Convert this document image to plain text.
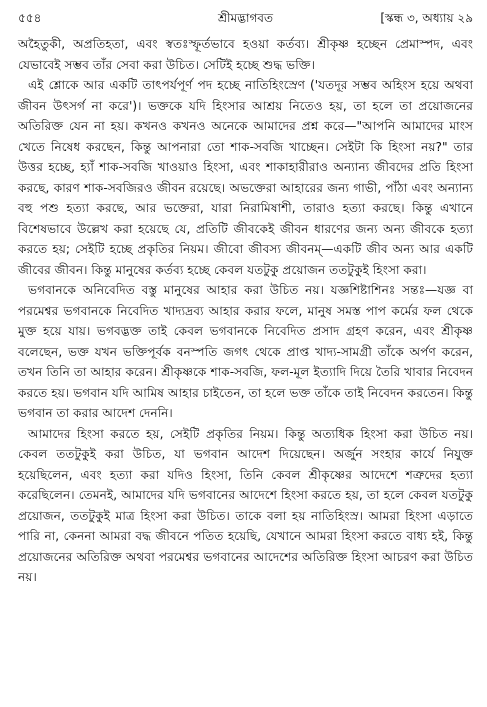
৫৫৪	শ্রীমদ্ভাগবত	[স্কন্ধ ৩, অধ্যায় ২৯

অহৈতুকী, অপ্রতিহতা, এবং স্বতঃস্ফূর্তভাবে হওয়া কর্তব্য। শ্রীকৃষ্ণ হচ্ছেন প্রেমাস্পদ, এবং যেভাবেই সম্ভব তাঁর সেবা করা উচিত। সেটিই হচ্ছে শুদ্ধ ভক্তি।

এই শ্লোকে আর একটি তাৎপর্যপূর্ণ পদ হচ্ছে নাতিহিংস্রেণ ('যতদূর সম্ভব অহিংস হয়ে অথবা জীবন উৎসর্গ না করে')। ভক্তকে যদি হিংসার আশ্রয় নিতেও হয়, তা হলে তা প্রয়োজনের অতিরিক্ত যেন না হয়। কখনও কখনও অনেকে আমাদের প্রশ্ন করে—"আপনি আমাদের মাংস খেতে নিষেধ করছেন, কিন্তু আপনারা তো শাক-সবজি খাচ্ছেন। সেইটা কি হিংসা নয়?" তার উত্তর হচ্ছে, হ্যাঁ শাক-সবজি খাওয়াও হিংসা, এবং শাকাহারীরাও অন্যান্য জীবদের প্রতি হিংসা করছে, কারণ শাক-সবজিরও জীবন রয়েছে। অভক্তেরা আহারের জন্য গাভী, পাঁঠা এবং অন্যান্য বহু পশু হত্যা করছে, আর ভক্তেরা, যারা নিরামিষাশী, তারাও হত্যা করছে। কিন্তু এখানে বিশেষভাবে উল্লেখ করা হয়েছে যে, প্রতিটি জীবকেই জীবন ধারণের জন্য অন্য জীবকে হত্যা করতে হয়; সেইটি হচ্ছে প্রকৃতির নিয়ম। জীবো জীবস্য জীবনম্—একটি জীব অন্য আর একটি জীবের জীবন। কিন্তু মানুষের কর্তব্য হচ্ছে কেবল যতটুকু প্রয়োজন ততটুকুই হিংসা করা।

ভগবানকে অনিবেদিত বস্তু মানুষের আহার করা উচিত নয়। যজ্ঞশিষ্টাশিনঃ সন্তঃ—যজ্ঞ বা পরমেশ্বর ভগবানকে নিবেদিত খাদ্যদ্রব্য আহার করার ফলে, মানুষ সমস্ত পাপ কর্মের ফল থেকে মুক্ত হয়ে যায়। ভগবদ্ভক্ত তাই কেবল ভগবানকে নিবেদিত প্রসাদ গ্রহণ করেন, এবং শ্রীকৃষ্ণ বলেছেন, ভক্ত যখন ভক্তিপূর্বক বনস্পতি জগৎ থেকে প্রাপ্ত খাদ্য-সামগ্রী তাঁকে অর্পণ করেন, তখন তিনি তা আহার করেন। শ্রীকৃষ্ণকে শাক-সবজি, ফল-মূল ইত্যাদি দিয়ে তৈরি খাবার নিবেদন করতে হয়। ভগবান যদি আমিষ আহার চাইতেন, তা হলে ভক্ত তাঁকে তাই নিবেদন করতেন। কিন্তু ভগবান তা করার আদেশ দেননি।

আমাদের হিংসা করতে হয়, সেইটি প্রকৃতির নিয়ম। কিন্তু অত্যধিক হিংসা করা উচিত নয়। কেবল ততটুকুই করা উচিত, যা ভগবান আদেশ দিয়েছেন। অর্জুন সংহার কার্যে নিযুক্ত হয়েছিলেন, এবং হত্যা করা যদিও হিংসা, তিনি কেবল শ্রীকৃষ্ণের আদেশে শত্রুদের হত্যা করেছিলেন। তেমনই, আমাদের যদি ভগবানের আদেশে হিংসা করতে হয়, তা হলে কেবল যতটুকু প্রয়োজন, ততটুকুই মাত্র হিংসা করা উচিত। তাকে বলা হয় নাতিহিংস্র। আমরা হিংসা এড়াতে পারি না, কেননা আমরা বদ্ধ জীবনে পতিত হয়েছি, যেখানে আমরা হিংসা করতে বাধ্য হই, কিন্তু প্রয়োজনের অতিরিক্ত অথবা পরমেশ্বর ভগবানের আদেশের অতিরিক্ত হিংসা আচরণ করা উচিত নয়।
